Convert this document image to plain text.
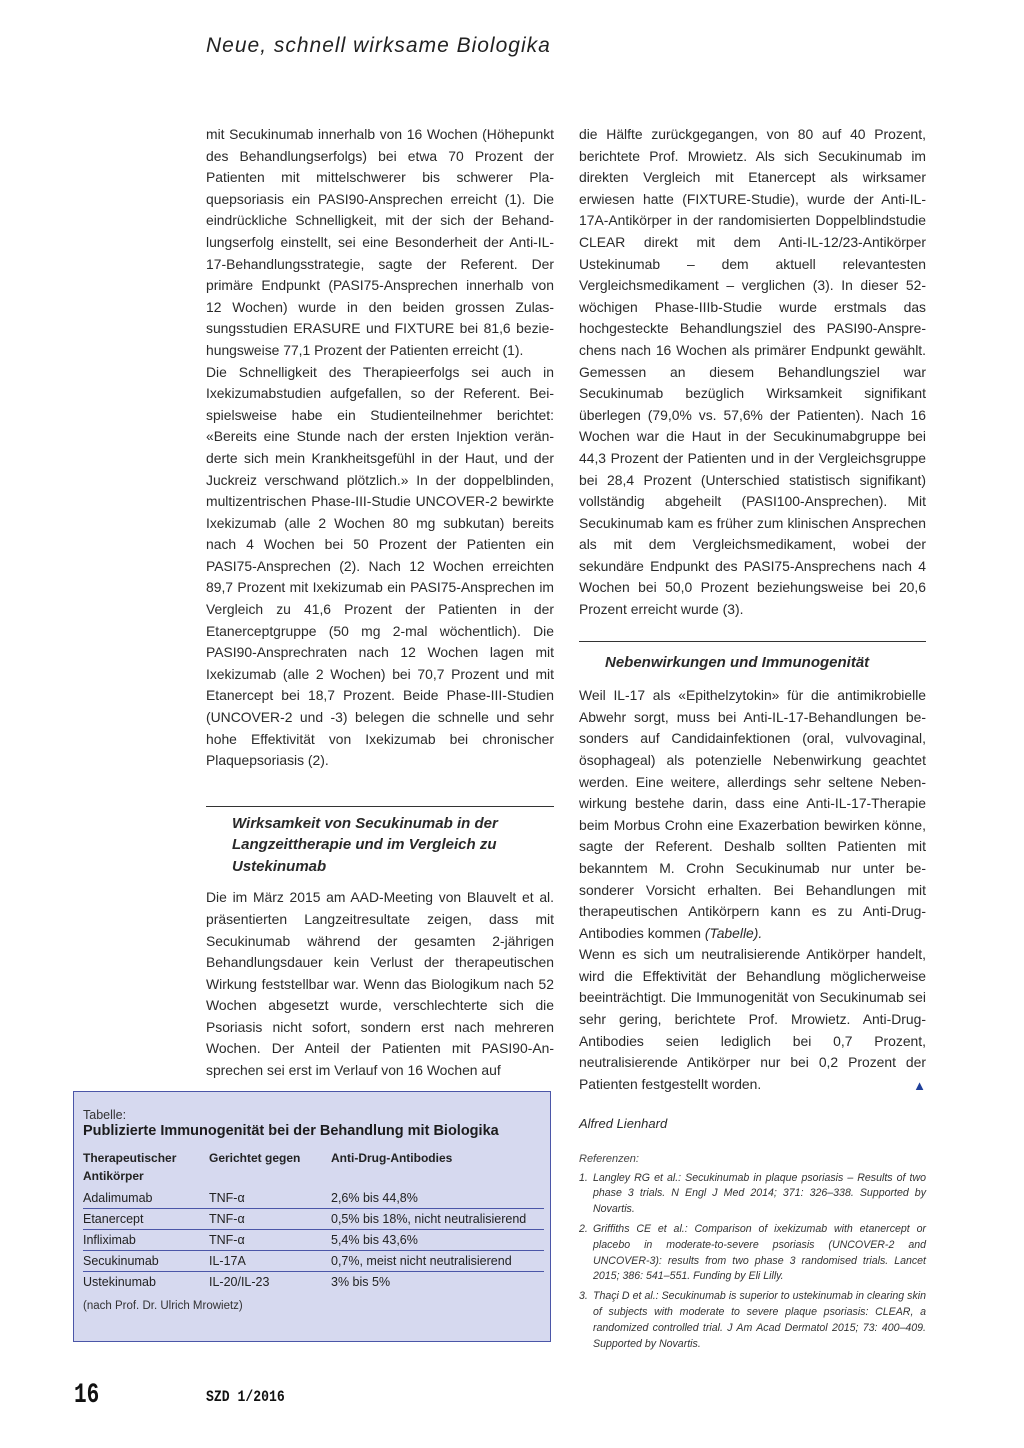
Neue, schnell wirksame Biologika

mit Secukinumab innerhalb von 16 Wochen (Höhepunkt des Behandlungserfolgs) bei etwa 70 Prozent der Patienten mit mittelschwerer bis schwerer Plaquepsoriasis ein PASI90-Ansprechen erreicht (1). Die eindrückliche Schnelligkeit, mit der sich der Behandlungserfolg einstellt, sei eine Besonderheit der Anti-IL-17-Behandlungsstrategie, sagte der Referent. Der primäre Endpunkt (PASI75-Ansprechen innerhalb von 12 Wochen) wurde in den beiden grossen Zulassungsstudien ERASURE und FIXTURE bei 81,6 beziehungsweise 77,1 Prozent der Patienten erreicht (1).

Die Schnelligkeit des Therapieerfolgs sei auch in Ixekizumabstudien aufgefallen, so der Referent. Beispielsweise habe ein Studienteilnehmer berichtet: «Bereits eine Stunde nach der ersten Injektion veränderte sich mein Krankheitsgefühl in der Haut, und der Juckreiz verschwand plötzlich.» In der doppelblinden, multizentrischen Phase-III-Studie UNCOVER-2 bewirkte Ixekizumab (alle 2 Wochen 80 mg subkutan) bereits nach 4 Wochen bei 50 Prozent der Patienten ein PASI75-Ansprechen (2). Nach 12 Wochen erreichten 89,7 Prozent mit Ixekizumab ein PASI75-Ansprechen im Vergleich zu 41,6 Prozent der Patienten in der Etanerceptgruppe (50 mg 2-mal wöchentlich). Die PASI90-Ansprechraten nach 12 Wochen lagen mit Ixekizumab (alle 2 Wochen) bei 70,7 Prozent und mit Etanercept bei 18,7 Prozent. Beide Phase-III-Studien (UNCOVER-2 und -3) belegen die schnelle und sehr hohe Effektivität von Ixekizumab bei chronischer Plaquepsoriasis (2).

Wirksamkeit von Secukinumab in der Langzeittherapie und im Vergleich zu Ustekinumab

Die im März 2015 am AAD-Meeting von Blauvelt et al. präsentierten Langzeitresultate zeigen, dass mit Secukinumab während der gesamten 2-jährigen Behandlungsdauer kein Verlust der therapeutischen Wirkung feststellbar war. Wenn das Biologikum nach 52 Wochen abgesetzt wurde, verschlechterte sich die Psoriasis nicht sofort, sondern erst nach mehreren Wochen. Der Anteil der Patienten mit PASI90-Ansprechen sei erst im Verlauf von 16 Wochen auf

die Hälfte zurückgegangen, von 80 auf 40 Prozent, berichtete Prof. Mrowietz. Als sich Secukinumab im direkten Vergleich mit Etanercept als wirksamer erwiesen hatte (FIXTURE-Studie), wurde der Anti-IL-17A-Antikörper in der randomisierten Doppelblindstudie CLEAR direkt mit dem Anti-IL-12/23-Antikörper Ustekinumab – dem aktuell relevantesten Vergleichsmedikament – verglichen (3). In dieser 52-wöchigen Phase-IIIb-Studie wurde erstmals das hochgesteckte Behandlungsziel des PASI90-Ansprechens nach 16 Wochen als primärer Endpunkt gewählt. Gemessen an diesem Behandlungsziel war Secukinumab bezüglich Wirksamkeit signifikant überlegen (79,0% vs. 57,6% der Patienten). Nach 16 Wochen war die Haut in der Secukinumabgruppe bei 44,3 Prozent der Patienten und in der Vergleichsgruppe bei 28,4 Prozent (Unterschied statistisch signifikant) vollständig abgeheilt (PASI100-Ansprechen). Mit Secukinumab kam es früher zum klinischen Ansprechen als mit dem Vergleichsmedikament, wobei der sekundäre Endpunkt des PASI75-Ansprechens nach 4 Wochen bei 50,0 Prozent beziehungsweise bei 20,6 Prozent erreicht wurde (3).

Nebenwirkungen und Immunogenität

Weil IL-17 als «Epithelzytokin» für die antimikrobielle Abwehr sorgt, muss bei Anti-IL-17-Behandlungen besonders auf Candidainfektionen (oral, vulvovaginal, ösophageal) als potenzielle Nebenwirkung geachtet werden. Eine weitere, allerdings sehr seltene Nebenwirkung bestehe darin, dass eine Anti-IL-17-Therapie beim Morbus Crohn eine Exazerbation bewirken könne, sagte der Referent. Deshalb sollten Patienten mit bekanntem M. Crohn Secukinumab nur unter besonderer Vorsicht erhalten. Bei Behandlungen mit therapeutischen Antikörpern kann es zu Anti-Drug-Antibodies kommen (Tabelle).

Wenn es sich um neutralisierende Antikörper handelt, wird die Effektivität der Behandlung möglicherweise beeinträchtigt. Die Immunogenität von Secukinumab sei sehr gering, berichtete Prof. Mrowietz. Anti-Drug-Antibodies seien lediglich bei 0,7 Prozent, neutralisierende Antikörper nur bei 0,2 Prozent der Patienten festgestellt worden.	▲

Alfred Lienhard

Referenzen:

1. Langley RG et al.: Secukinumab in plaque psoriasis – Results of two phase 3 trials. N Engl J Med 2014; 371: 326–338. Supported by Novartis.
2. Griffiths CE et al.: Comparison of ixekizumab with etanercept or placebo in moderate-to-severe psoriasis (UNCOVER-2 and UNCOVER-3): results from two phase 3 randomised trials. Lancet 2015; 386: 541–551. Funding by Eli Lilly.
3. Thaçi D et al.: Secukinumab is superior to ustekinumab in clearing skin of subjects with moderate to severe plaque psoriasis: CLEAR, a randomized controlled trial. J Am Acad Dermatol 2015; 73: 400–409. Supported by Novartis.

Tabelle:

Publizierte Immunogenität bei der Behandlung mit Biologika

Therapeutischer Antikörper	Gerichtet gegen	Anti-Drug-Antibodies
Adalimumab	TNF-α	2,6% bis 44,8%
Etanercept	TNF-α	0,5% bis 18%, nicht neutralisierend
Infliximab	TNF-α	5,4% bis 43,6%
Secukinumab	IL-17A	0,7%, meist nicht neutralisierend
Ustekinumab	IL-20/IL-23	3% bis 5%

(nach Prof. Dr. Ulrich Mrowietz)

16	SZD 1/2016
